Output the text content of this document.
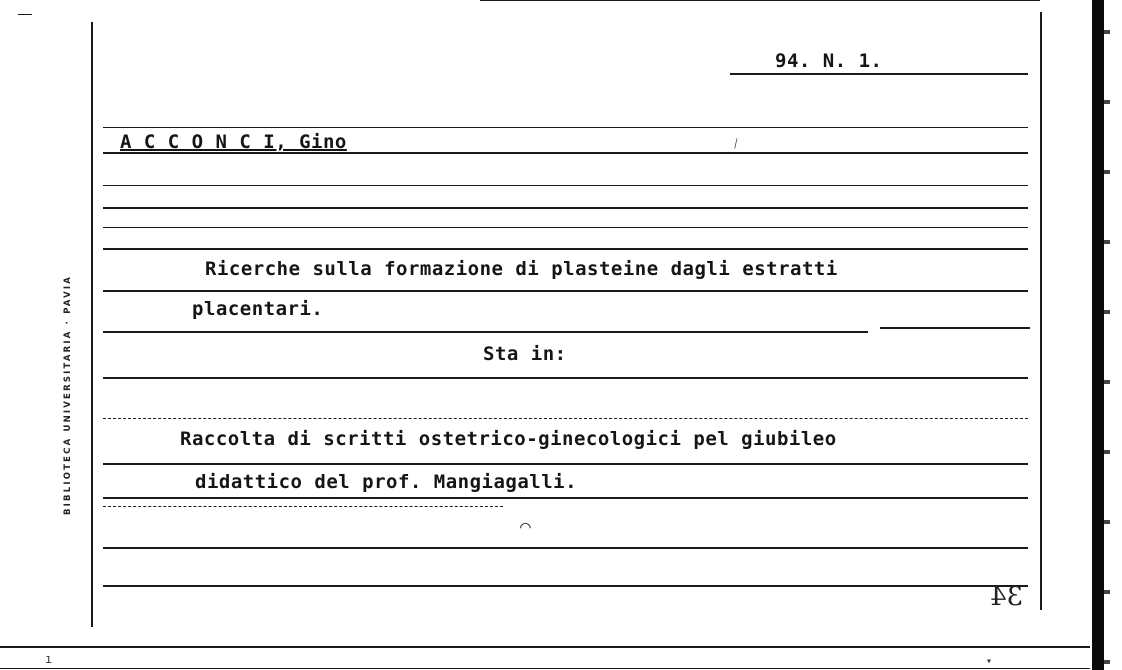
BIBLIOTECA UNIVERSITARIA · PAVIA
94. N. 1.
A C C O N C I, Gino	⁄
Ricerche sulla formazione di plasteine dagli estratti
placentari.
Sta in:
Raccolta di scritti ostetrico-ginecologici pel giubileo
didattico del prof. Mangiagalli.
⌒
34
ı	▾
